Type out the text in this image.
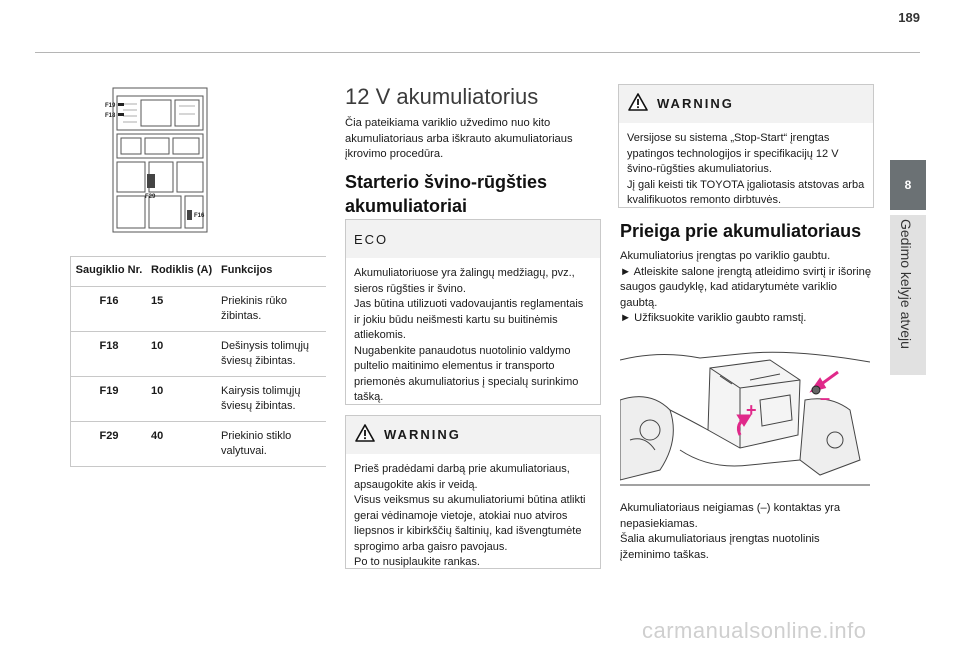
189
8
Gedimo kelyje atveju
F19
F18
F29
F16
Saugiklio Nr.	Rodiklis (A)	Funkcijos
F16	15	Priekinis rūko žibintas.
F18	10	Dešinysis tolimųjų šviesų žibintas.
F19	10	Kairysis tolimųjų šviesų žibintas.
F29	40	Priekinio stiklo valytuvai.
12 V akumuliatorius
Čia pateikiama variklio užvedimo nuo kito akumuliatoriaus arba iškrauto akumuliatoriaus įkrovimo procedūra.
Starterio švino-rūgšties akumuliatoriai
ECO
Akumuliatoriuose yra žalingų medžiagų, pvz., sieros rūgšties ir švino.
Jas būtina utilizuoti vadovaujantis reglamentais ir jokiu būdu neišmesti kartu su buitinėmis atliekomis.
Nugabenkite panaudotus nuotolinio valdymo pultelio maitinimo elementus ir transporto priemonės akumuliatorius į specialų surinkimo tašką.
WARNING
Prieš pradėdami darbą prie akumuliatoriaus, apsaugokite akis ir veidą.
Visus veiksmus su akumuliatoriumi būtina atlikti gerai vėdinamoje vietoje, atokiai nuo atviros liepsnos ir kibirkščių šaltinių, kad išvengtumėte sprogimo arba gaisro pavojaus.
Po to nusiplaukite rankas.
WARNING
Versijose su sistema „Stop-Start“ įrengtas ypatingos technologijos ir specifikacijų 12 V švino-rūgšties akumuliatorius.
Jį gali keisti tik TOYOTA įgaliotasis atstovas arba kvalifikuotos remonto dirbtuvės.
Prieiga prie akumuliatoriaus
Akumuliatorius įrengtas po variklio gaubtu.
► Atleiskite salone įrengtą atleidimo svirtį ir išorinę saugos gaudyklę, kad atidarytumėte variklio gaubtą.
► Užfiksuokite variklio gaubto ramstį.
+
–
Akumuliatoriaus neigiamas (–) kontaktas yra nepasiekiamas.
Šalia akumuliatoriaus įrengtas nuotolinis įžeminimo taškas.
carmanualsonline.info
